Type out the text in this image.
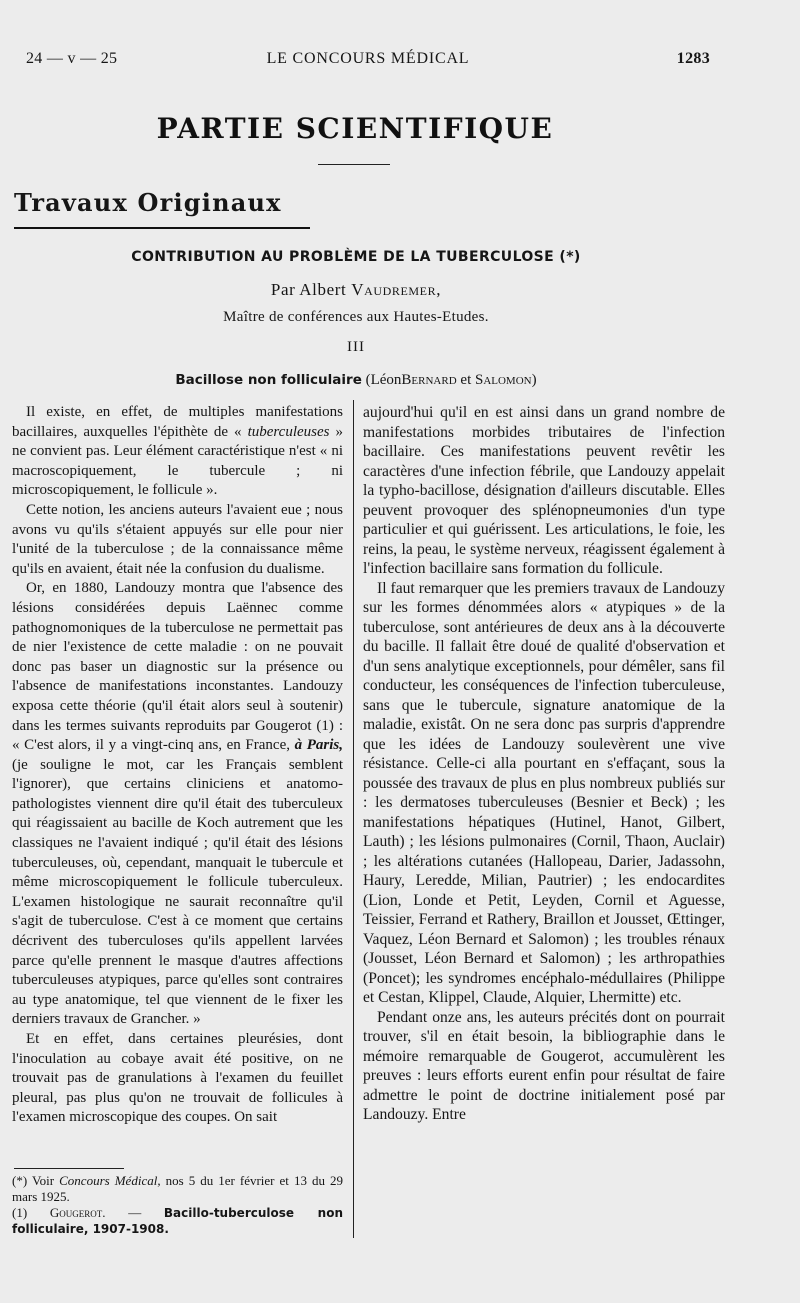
24 — v — 25	LE CONCOURS MÉDICAL	1283
PARTIE SCIENTIFIQUE
Travaux Originaux
CONTRIBUTION AU PROBLÈME DE LA TUBERCULOSE (*)
Par Albert Vaudremer,
Maître de conférences aux Hautes-Etudes.
III
Bacillose non folliculaire (LéonBernard et Salomon)

Il existe, en effet, de multiples manifestations bacillaires, auxquelles l'épithète de « tuberculeuses » ne convient pas. Leur élément caractéristique n'est « ni macroscopiquement, le tubercule ; ni microscopiquement, le follicule ».

Cette notion, les anciens auteurs l'avaient eue ; nous avons vu qu'ils s'étaient appuyés sur elle pour nier l'unité de la tuberculose ; de la connaissance même qu'ils en avaient, était née la confusion du dualisme.

Or, en 1880, Landouzy montra que l'absence des lésions considérées depuis Laënnec comme pathognomoniques de la tuberculose ne permettait pas de nier l'existence de cette maladie : on ne pouvait donc pas baser un diagnostic sur la présence ou l'absence de manifestations inconstantes. Landouzy exposa cette théorie (qu'il était alors seul à soutenir) dans les termes suivants reproduits par Gougerot (1) : « C'est alors, il y a vingt-cinq ans, en France, à Paris, (je souligne le mot, car les Français semblent l'ignorer), que certains cliniciens et anatomo-pathologistes viennent dire qu'il était des tuberculeux qui réagissaient au bacille de Koch autrement que les classiques ne l'avaient indiqué ; qu'il était des lésions tuberculeuses, où, cependant, manquait le tubercule et même microscopiquement le follicule tuberculeux. L'examen histologique ne saurait reconnaître qu'il s'agit de tuberculose. C'est à ce moment que certains décrivent des tuberculoses qu'ils appellent larvées parce qu'elle prennent le masque d'autres affections tuberculeuses atypiques, parce qu'elles sont contraires au type anatomique, tel que viennent de le fixer les derniers travaux de Grancher. »

Et en effet, dans certaines pleurésies, dont l'inoculation au cobaye avait été positive, on ne trouvait pas de granulations à l'examen du feuillet pleural, pas plus qu'on ne trouvait de follicules à l'examen microscopique des coupes. On sait

(*) Voir Concours Médical, nos 5 du 1er février et 13 du 29 mars 1925.

(1) Gougerot. — Bacillo-tuberculose non folliculaire, 1907-1908.

aujourd'hui qu'il en est ainsi dans un grand nombre de manifestations morbides tributaires de l'infection bacillaire. Ces manifestations peuvent revêtir les caractères d'une infection fébrile, que Landouzy appelait la typho-bacillose, désignation d'ailleurs discutable. Elles peuvent provoquer des splénopneumonies d'un type particulier et qui guérissent. Les articulations, le foie, les reins, la peau, le système nerveux, réagissent également à l'infection bacillaire sans formation du follicule.

Il faut remarquer que les premiers travaux de Landouzy sur les formes dénommées alors « atypiques » de la tuberculose, sont antérieures de deux ans à la découverte du bacille. Il fallait être doué de qualité d'observation et d'un sens analytique exceptionnels, pour démêler, sans fil conducteur, les conséquences de l'infection tuberculeuse, sans que le tubercule, signature anatomique de la maladie, existât. On ne sera donc pas surpris d'apprendre que les idées de Landouzy soulevèrent une vive résistance. Celle-ci alla pourtant en s'effaçant, sous la poussée des travaux de plus en plus nombreux publiés sur : les dermatoses tuberculeuses (Besnier et Beck) ; les manifestations hépatiques (Hutinel, Hanot, Gilbert, Lauth) ; les lésions pulmonaires (Cornil, Thaon, Auclair) ; les altérations cutanées (Hallopeau, Darier, Jadassohn, Haury, Leredde, Milian, Pautrier) ; les endocardites (Lion, Londe et Petit, Leyden, Cornil et Aguesse, Teissier, Ferrand et Rathery, Braillon et Jousset, Œttinger, Vaquez, Léon Bernard et Salomon) ; les troubles rénaux (Jousset, Léon Bernard et Salomon) ; les arthropathies (Poncet); les syndromes encéphalo-médullaires (Philippe et Cestan, Klippel, Claude, Alquier, Lhermitte) etc.

Pendant onze ans, les auteurs précités dont on pourrait trouver, s'il en était besoin, la bibliographie dans le mémoire remarquable de Gougerot, accumulèrent les preuves : leurs efforts eurent enfin pour résultat de faire admettre le point de doctrine initialement posé par Landouzy. Entre
